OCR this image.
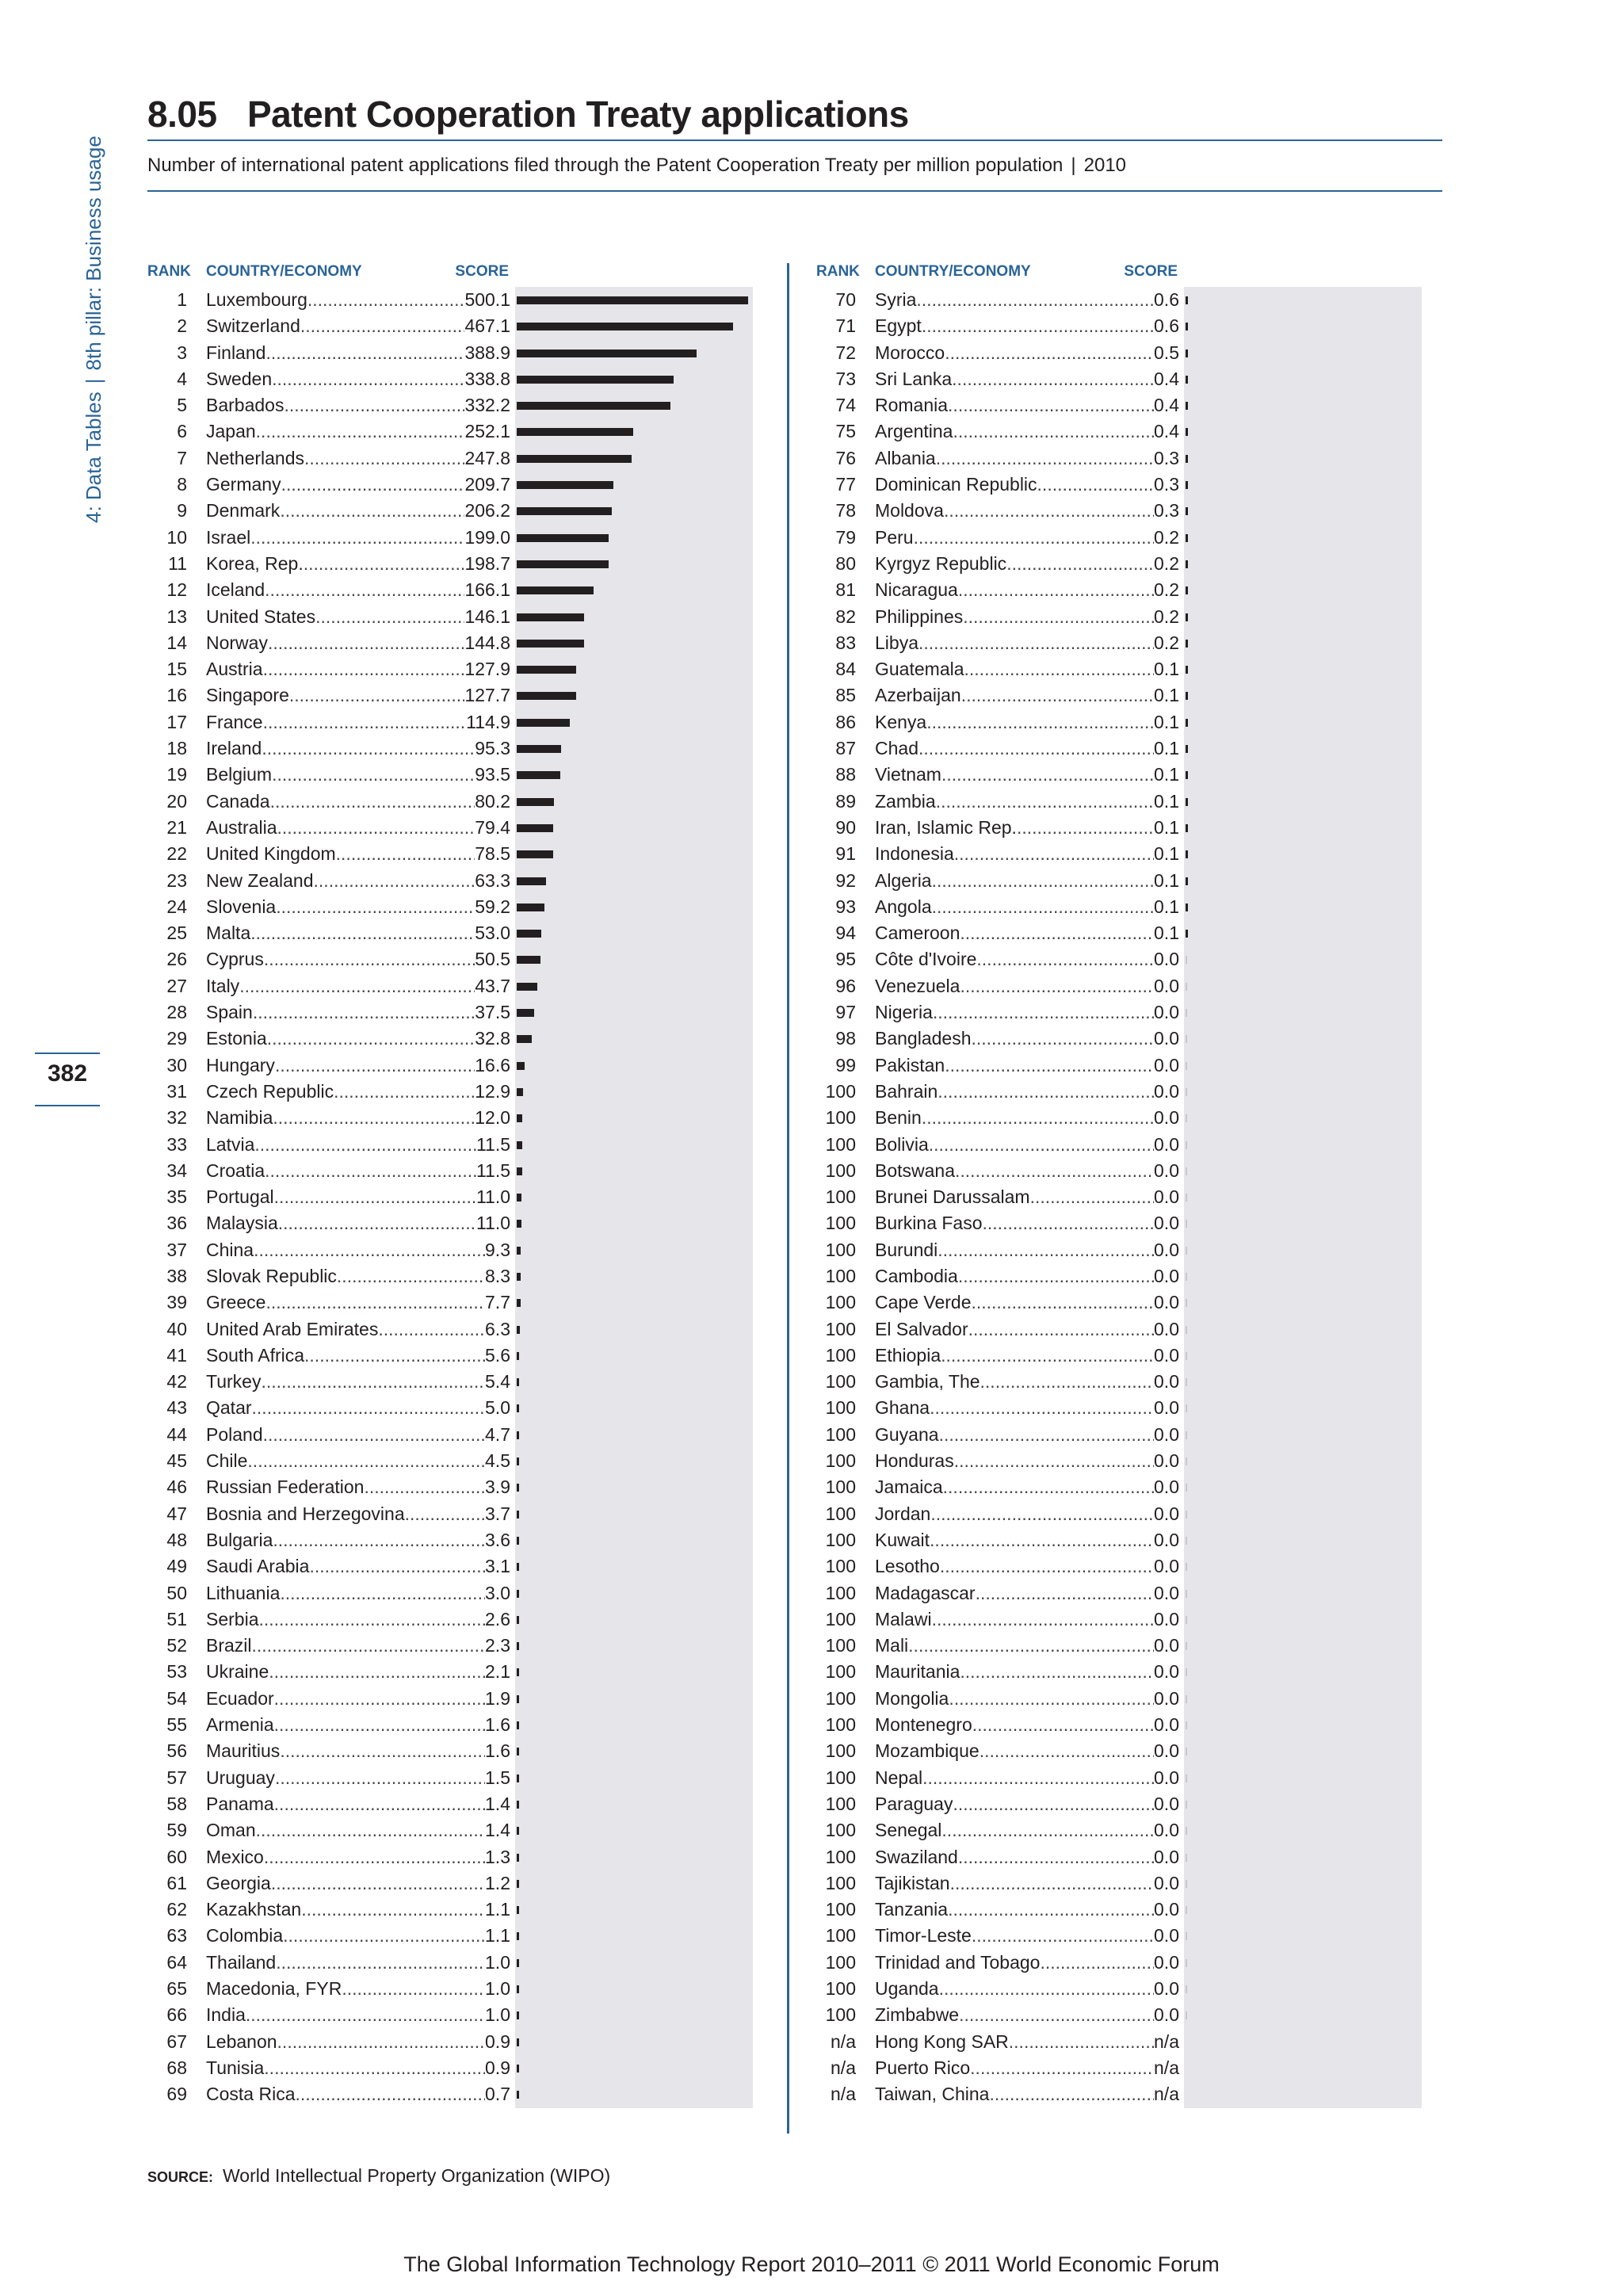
4: Data Tables|8th pillar: Business usage
382
8.05 Patent Cooperation Treaty applications
Number of international patent applications filed through the Patent Cooperation Treaty per million population | 2010
RANK COUNTRY/ECONOMY	SCORE
1 Luxembourg .....	500.1
2 Switzerland .....	467.1
3 Finland .....	388.9
4 Sweden .....	338.8
5 Barbados .....	332.2
6 Japan .....	252.1
7 Netherlands .....	247.8
8 Germany .....	209.7
9 Denmark .....	206.2
10 Israel .....	199.0
11 Korea, Rep. .....	198.7
12 Iceland .....	166.1
13 United States .....	146.1
14 Norway .....	144.8
15 Austria .....	127.9
16 Singapore .....	127.7
17 France .....	114.9
18 Ireland .....	95.3
19 Belgium .....	93.5
20 Canada .....	80.2
21 Australia .....	79.4
22 United Kingdom .....	78.5
23 New Zealand .....	63.3
24 Slovenia .....	59.2
25 Malta .....	53.0
26 Cyprus .....	50.5
27 Italy .....	43.7
28 Spain .....	37.5
29 Estonia .....	32.8
30 Hungary .....	16.6
31 Czech Republic .....	12.9
32 Namibia .....	12.0
33 Latvia .....	11.5
34 Croatia .....	11.5
35 Portugal .....	11.0
36 Malaysia .....	11.0
37 China .....	9.3
38 Slovak Republic .....	8.3
39 Greece .....	7.7
40 United Arab Emirates .....	6.3
41 South Africa .....	5.6
42 Turkey .....	5.4
43 Qatar .....	5.0
44 Poland .....	4.7
45 Chile .....	4.5
46 Russian Federation .....	3.9
47 Bosnia and Herzegovina .....	3.7
48 Bulgaria .....	3.6
49 Saudi Arabia .....	3.1
50 Lithuania .....	3.0
51 Serbia .....	2.6
52 Brazil .....	2.3
53 Ukraine .....	2.1
54 Ecuador .....	1.9
55 Armenia .....	1.6
56 Mauritius .....	1.6
57 Uruguay .....	1.5
58 Panama .....	1.4
59 Oman .....	1.4
60 Mexico .....	1.3
61 Georgia .....	1.2
62 Kazakhstan .....	1.1
63 Colombia .....	1.1
64 Thailand .....	1.0
65 Macedonia, FYR .....	1.0
66 India .....	1.0
67 Lebanon .....	0.9
68 Tunisia .....	0.9
69 Costa Rica .....	0.7
RANK COUNTRY/ECONOMY	SCORE
70 Syria .....	0.6
71 Egypt .....	0.6
72 Morocco .....	0.5
73 Sri Lanka .....	0.4
74 Romania .....	0.4
75 Argentina .....	0.4
76 Albania .....	0.3
77 Dominican Republic .....	0.3
78 Moldova .....	0.3
79 Peru .....	0.2
80 Kyrgyz Republic .....	0.2
81 Nicaragua .....	0.2
82 Philippines .....	0.2
83 Libya .....	0.2
84 Guatemala .....	0.1
85 Azerbaijan .....	0.1
86 Kenya .....	0.1
87 Chad .....	0.1
88 Vietnam .....	0.1
89 Zambia .....	0.1
90 Iran, Islamic Rep. .....	0.1
91 Indonesia .....	0.1
92 Algeria .....	0.1
93 Angola .....	0.1
94 Cameroon .....	0.1
95 Côte d'Ivoire .....	0.0
96 Venezuela .....	0.0
97 Nigeria .....	0.0
98 Bangladesh .....	0.0
99 Pakistan .....	0.0
100 Bahrain .....	0.0
100 Benin .....	0.0
100 Bolivia .....	0.0
100 Botswana .....	0.0
100 Brunei Darussalam .....	0.0
100 Burkina Faso .....	0.0
100 Burundi .....	0.0
100 Cambodia .....	0.0
100 Cape Verde .....	0.0
100 El Salvador .....	0.0
100 Ethiopia .....	0.0
100 Gambia, The .....	0.0
100 Ghana .....	0.0
100 Guyana .....	0.0
100 Honduras .....	0.0
100 Jamaica .....	0.0
100 Jordan .....	0.0
100 Kuwait .....	0.0
100 Lesotho .....	0.0
100 Madagascar .....	0.0
100 Malawi .....	0.0
100 Mali .....	0.0
100 Mauritania .....	0.0
100 Mongolia .....	0.0
100 Montenegro .....	0.0
100 Mozambique .....	0.0
100 Nepal .....	0.0
100 Paraguay .....	0.0
100 Senegal .....	0.0
100 Swaziland .....	0.0
100 Tajikistan .....	0.0
100 Tanzania .....	0.0
100 Timor-Leste .....	0.0
100 Trinidad and Tobago .....	0.0
100 Uganda .....	0.0
100 Zimbabwe .....	0.0
n/a Hong Kong SAR .....	n/a
n/a Puerto Rico .....	n/a
n/a Taiwan, China .....	n/a
SOURCE: World Intellectual Property Organization (WIPO)
The Global Information Technology Report 2010–2011 © 2011 World Economic Forum
